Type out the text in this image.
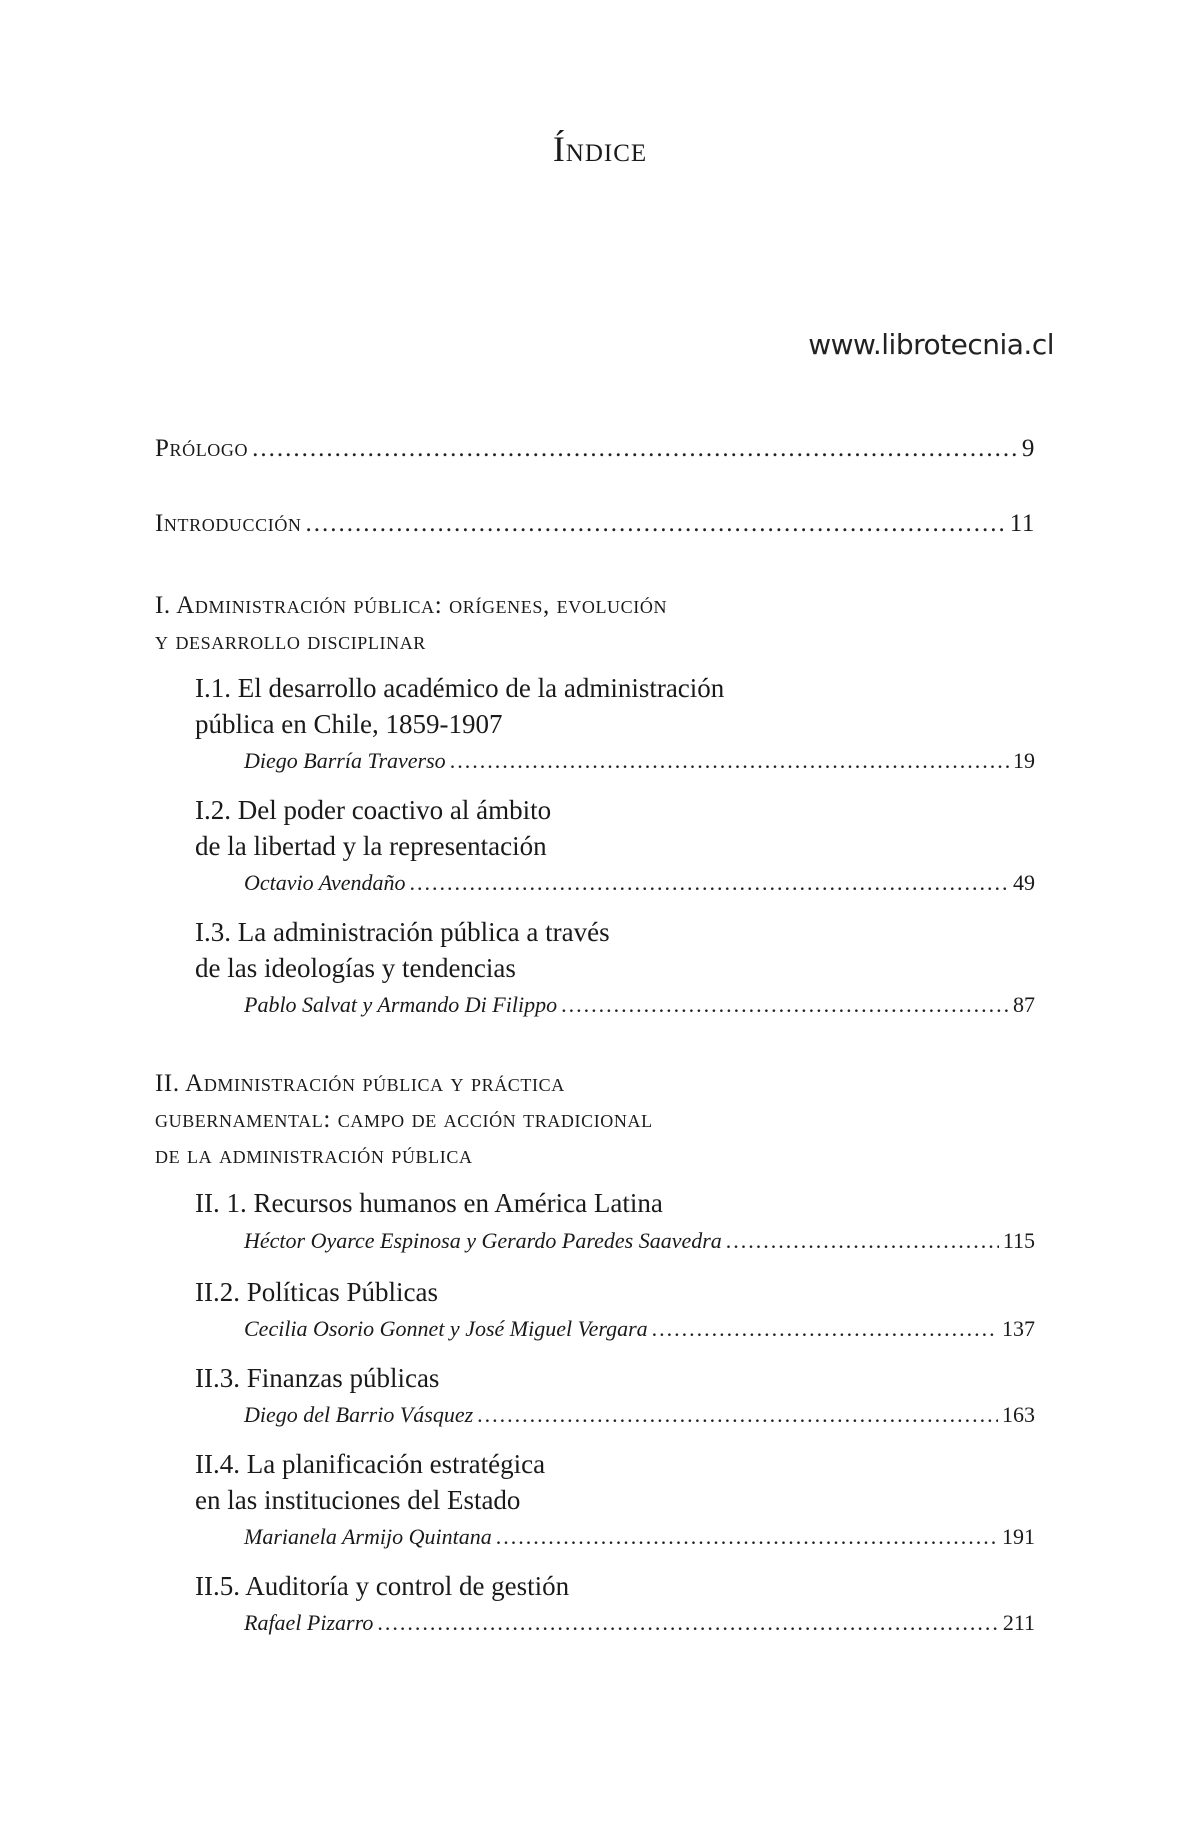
Índice
www.librotecnia.cl
Prólogo .....	9
Introducción .....	11
I. Administración pública: orígenes, evolución
y desarrollo disciplinar
I.1. El desarrollo académico de la administración
pública en Chile, 1859-1907
Diego Barría Traverso .....	19
I.2. Del poder coactivo al ámbito
de la libertad y la representación
Octavio Avendaño .....	49
I.3. La administración pública a través
de las ideologías y tendencias
Pablo Salvat y Armando Di Filippo .....	87
II. Administración pública y práctica
gubernamental: campo de acción tradicional
de la administración pública
II. 1. Recursos humanos en América Latina
Héctor Oyarce Espinosa y Gerardo Paredes Saavedra .....	115
II.2. Políticas Públicas
Cecilia Osorio Gonnet y José Miguel Vergara .....	137
II.3. Finanzas públicas
Diego del Barrio Vásquez .....	163
II.4. La planificación estratégica
en las instituciones del Estado
Marianela Armijo Quintana .....	191
II.5. Auditoría y control de gestión
Rafael Pizarro .....	211
